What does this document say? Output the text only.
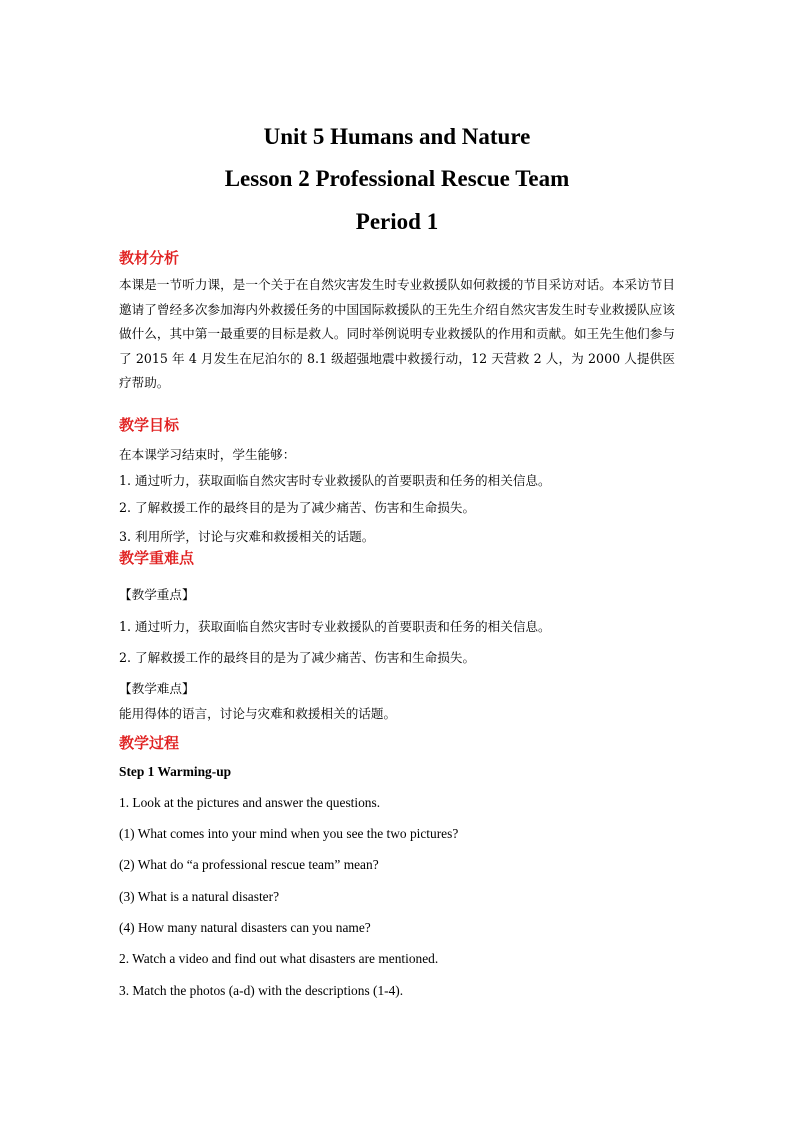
Unit 5 Humans and Nature
Lesson 2 Professional Rescue Team
Period 1
教材分析
本课是一节听力课，是一个关于在自然灾害发生时专业救援队如何救援的节目采访对话。本采访节目邀请了曾经多次参加海内外救援任务的中国国际救援队的王先生介绍自然灾害发生时专业救援队应该做什么，其中第一最重要的目标是救人。同时举例说明专业救援队的作用和贡献。如王先生他们参与了 2015 年 4 月发生在尼泊尔的 8.1 级超强地震中救援行动，12 天营救 2 人，为 2000 人提供医疗帮助。
教学目标
在本课学习结束时，学生能够：
1. 通过听力，获取面临自然灾害时专业救援队的首要职责和任务的相关信息。
2. 了解救援工作的最终目的是为了减少痛苦、伤害和生命损失。
3. 利用所学，讨论与灾难和救援相关的话题。
教学重难点
【教学重点】
1. 通过听力，获取面临自然灾害时专业救援队的首要职责和任务的相关信息。
2. 了解救援工作的最终目的是为了减少痛苦、伤害和生命损失。
【教学难点】
能用得体的语言，讨论与灾难和救援相关的话题。
教学过程
Step 1 Warming-up
1. Look at the pictures and answer the questions.
(1) What comes into your mind when you see the two pictures?
(2) What do “a professional rescue team” mean?
(3) What is a natural disaster?
(4) How many natural disasters can you name?
2. Watch a video and find out what disasters are mentioned.
3. Match the photos (a-d) with the descriptions (1-4).
